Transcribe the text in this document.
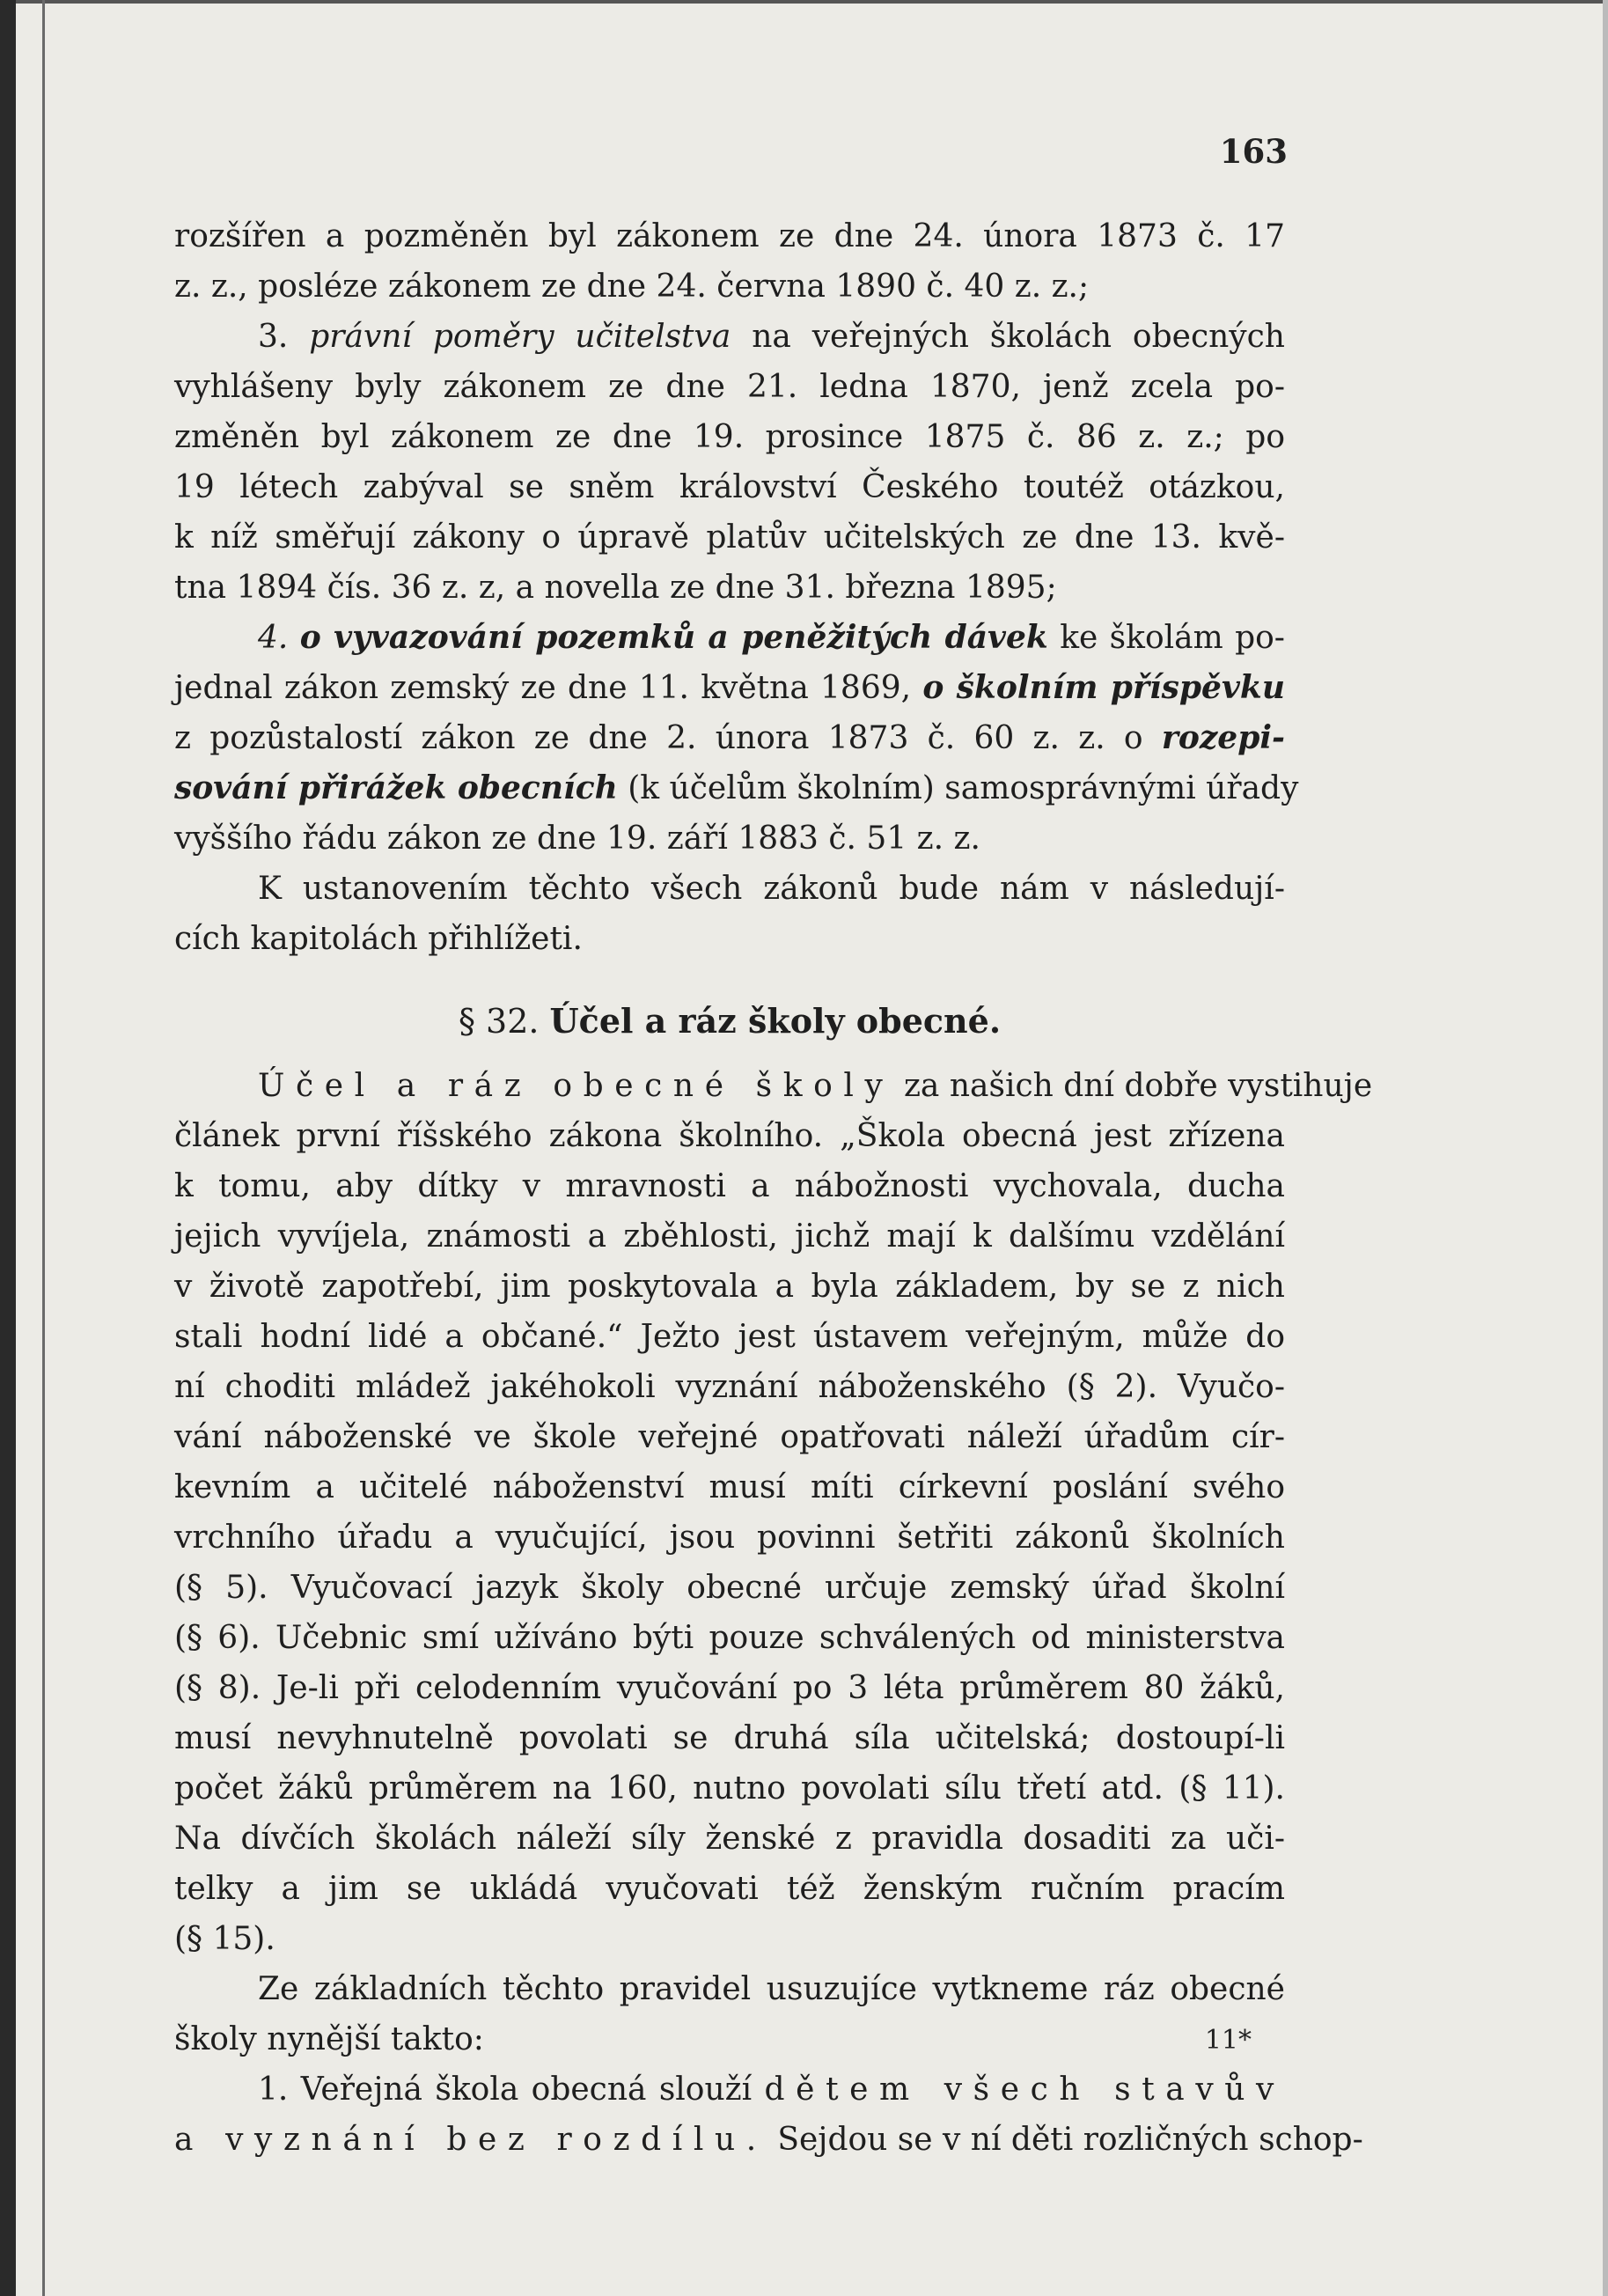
163
rozšířen a pozměněn byl zákonem ze dne 24. února 1873 č. 17
z. z., posléze zákonem ze dne 24. června 1890 č. 40 z. z.;
3. právní poměry učitelstva na veřejných školách obecných
vyhlášeny byly zákonem ze dne 21. ledna 1870, jenž zcela po-
změněn byl zákonem ze dne 19. prosince 1875 č. 86 z. z.; po
19 létech zabýval se sněm království Českého toutéž otázkou,
k níž směřují zákony o úpravě platův učitelských ze dne 13. kvě-
tna 1894 čís. 36 z. z, a novella ze dne 31. března 1895;
4. o vyvazování pozemků a peněžitých dávek ke školám po-
jednal zákon zemský ze dne 11. května 1869, o školním příspěvku
z pozůstalostí zákon ze dne 2. února 1873 č. 60 z. z. o rozepi-
sování přirážek obecních (k účelům školním) samosprávnými úřady
vyššího řádu zákon ze dne 19. září 1883 č. 51 z. z.
K ustanovením těchto všech zákonů bude nám v následují-
cích kapitolách přihlížeti.
§ 32. Účel a ráz školy obecné.
Účel a ráz obecné školy za našich dní dobře vystihuje
článek první říšského zákona školního. „Škola obecná jest zřízena
k tomu, aby dítky v mravnosti a nábožnosti vychovala, ducha
jejich vyvíjela, známosti a zběhlosti, jichž mají k dalšímu vzdělání
v životě zapotřebí, jim poskytovala a byla základem, by se z nich
stali hodní lidé a občané.“ Ježto jest ústavem veřejným, může do
ní choditi mládež jakéhokoli vyznání náboženského (§ 2). Vyučo-
vání náboženské ve škole veřejné opatřovati náleží úřadům cír-
kevním a učitelé náboženství musí míti církevní poslání svého
vrchního úřadu a vyučující, jsou povinni šetřiti zákonů školních
(§ 5). Vyučovací jazyk školy obecné určuje zemský úřad školní
(§ 6). Učebnic smí užíváno býti pouze schválených od ministerstva
(§ 8). Je-li při celodenním vyučování po 3 léta průměrem 80 žáků,
musí nevyhnutelně povolati se druhá síla učitelská; dostoupí-li
počet žáků průměrem na 160, nutno povolati sílu třetí atd. (§ 11).
Na dívčích školách náleží síly ženské z pravidla dosaditi za uči-
telky a jim se ukládá vyučovati též ženským ručním pracím
(§ 15).
Ze základních těchto pravidel usuzujíce vytkneme ráz obecné
školy nynější takto:
1. Veřejná škola obecná slouží dětem všech stavův
a vyznání bez rozdílu. Sejdou se v ní děti rozličných schop-
11*
